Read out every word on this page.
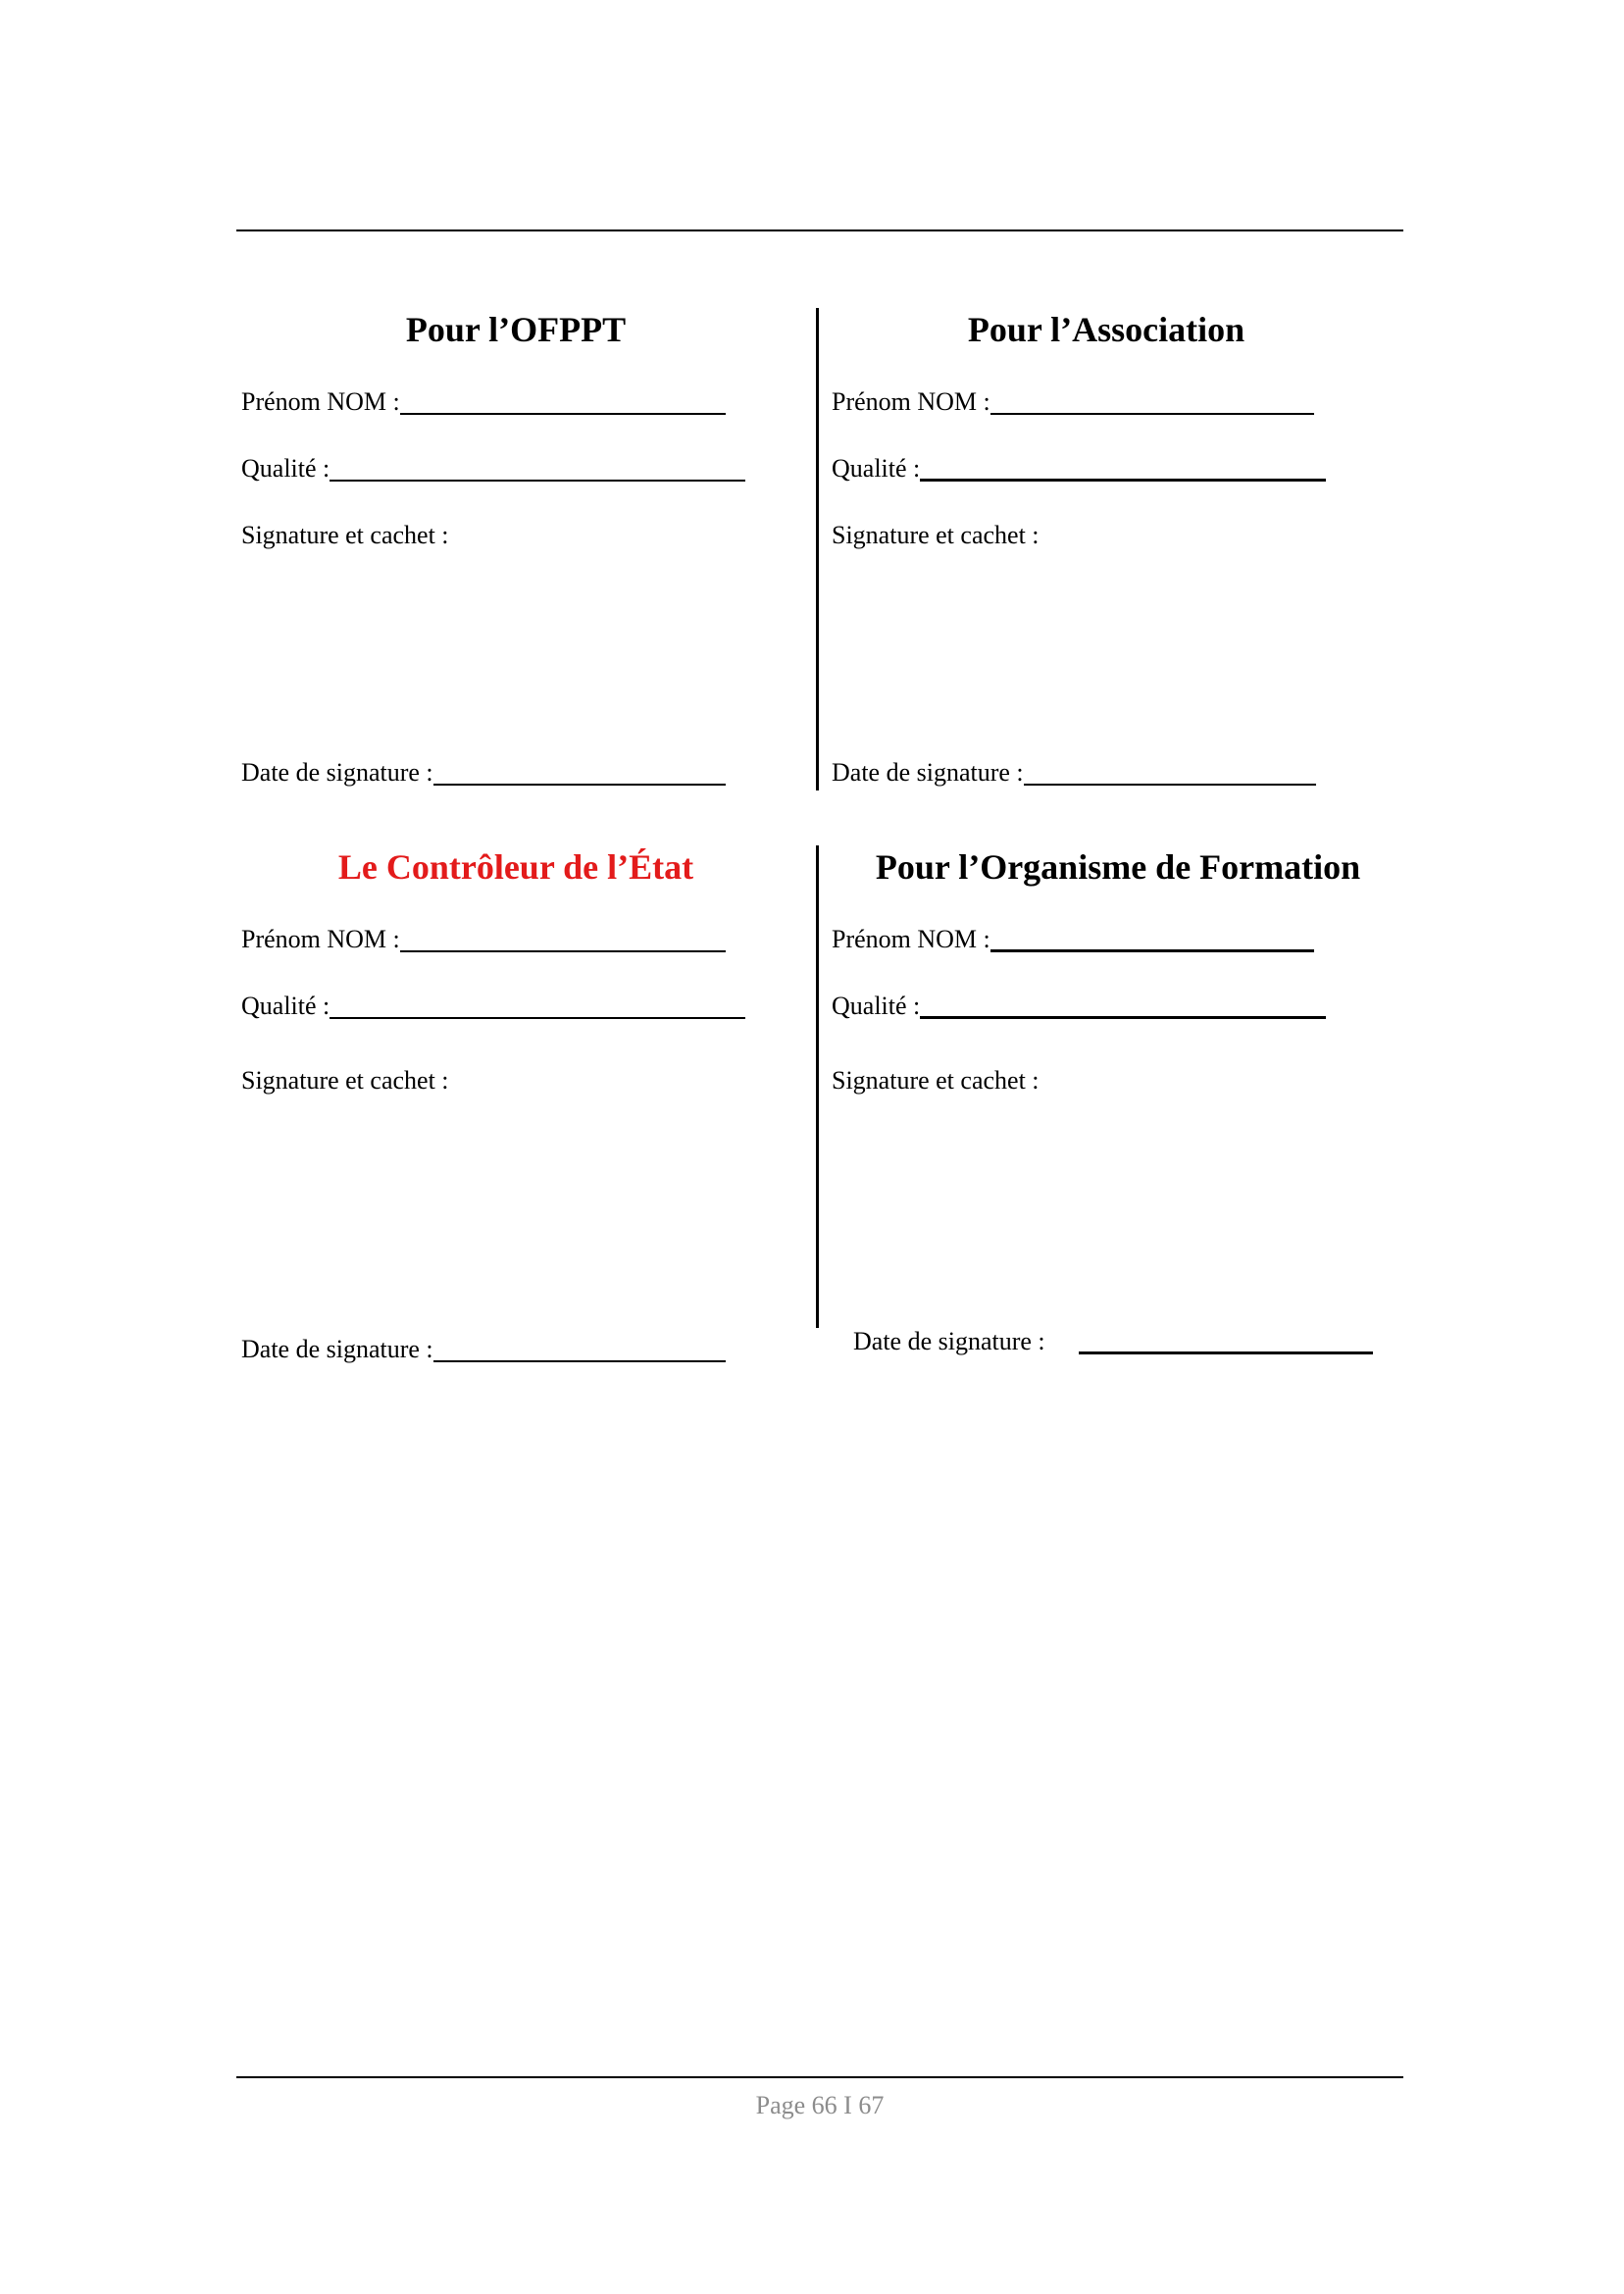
Pour l’OFPPT
Prénom NOM :
Qualité :
Signature et cachet :
Date de signature :
Pour l’Association
Prénom NOM :
Qualité :
Signature et cachet :
Date de signature :
Le Contrôleur de l’État
Prénom NOM :
Qualité :
Signature et cachet :
Date de signature :
Pour l’Organisme de Formation
Prénom NOM :
Qualité :
Signature et cachet :
Date de signature :
Page 66 I 67
